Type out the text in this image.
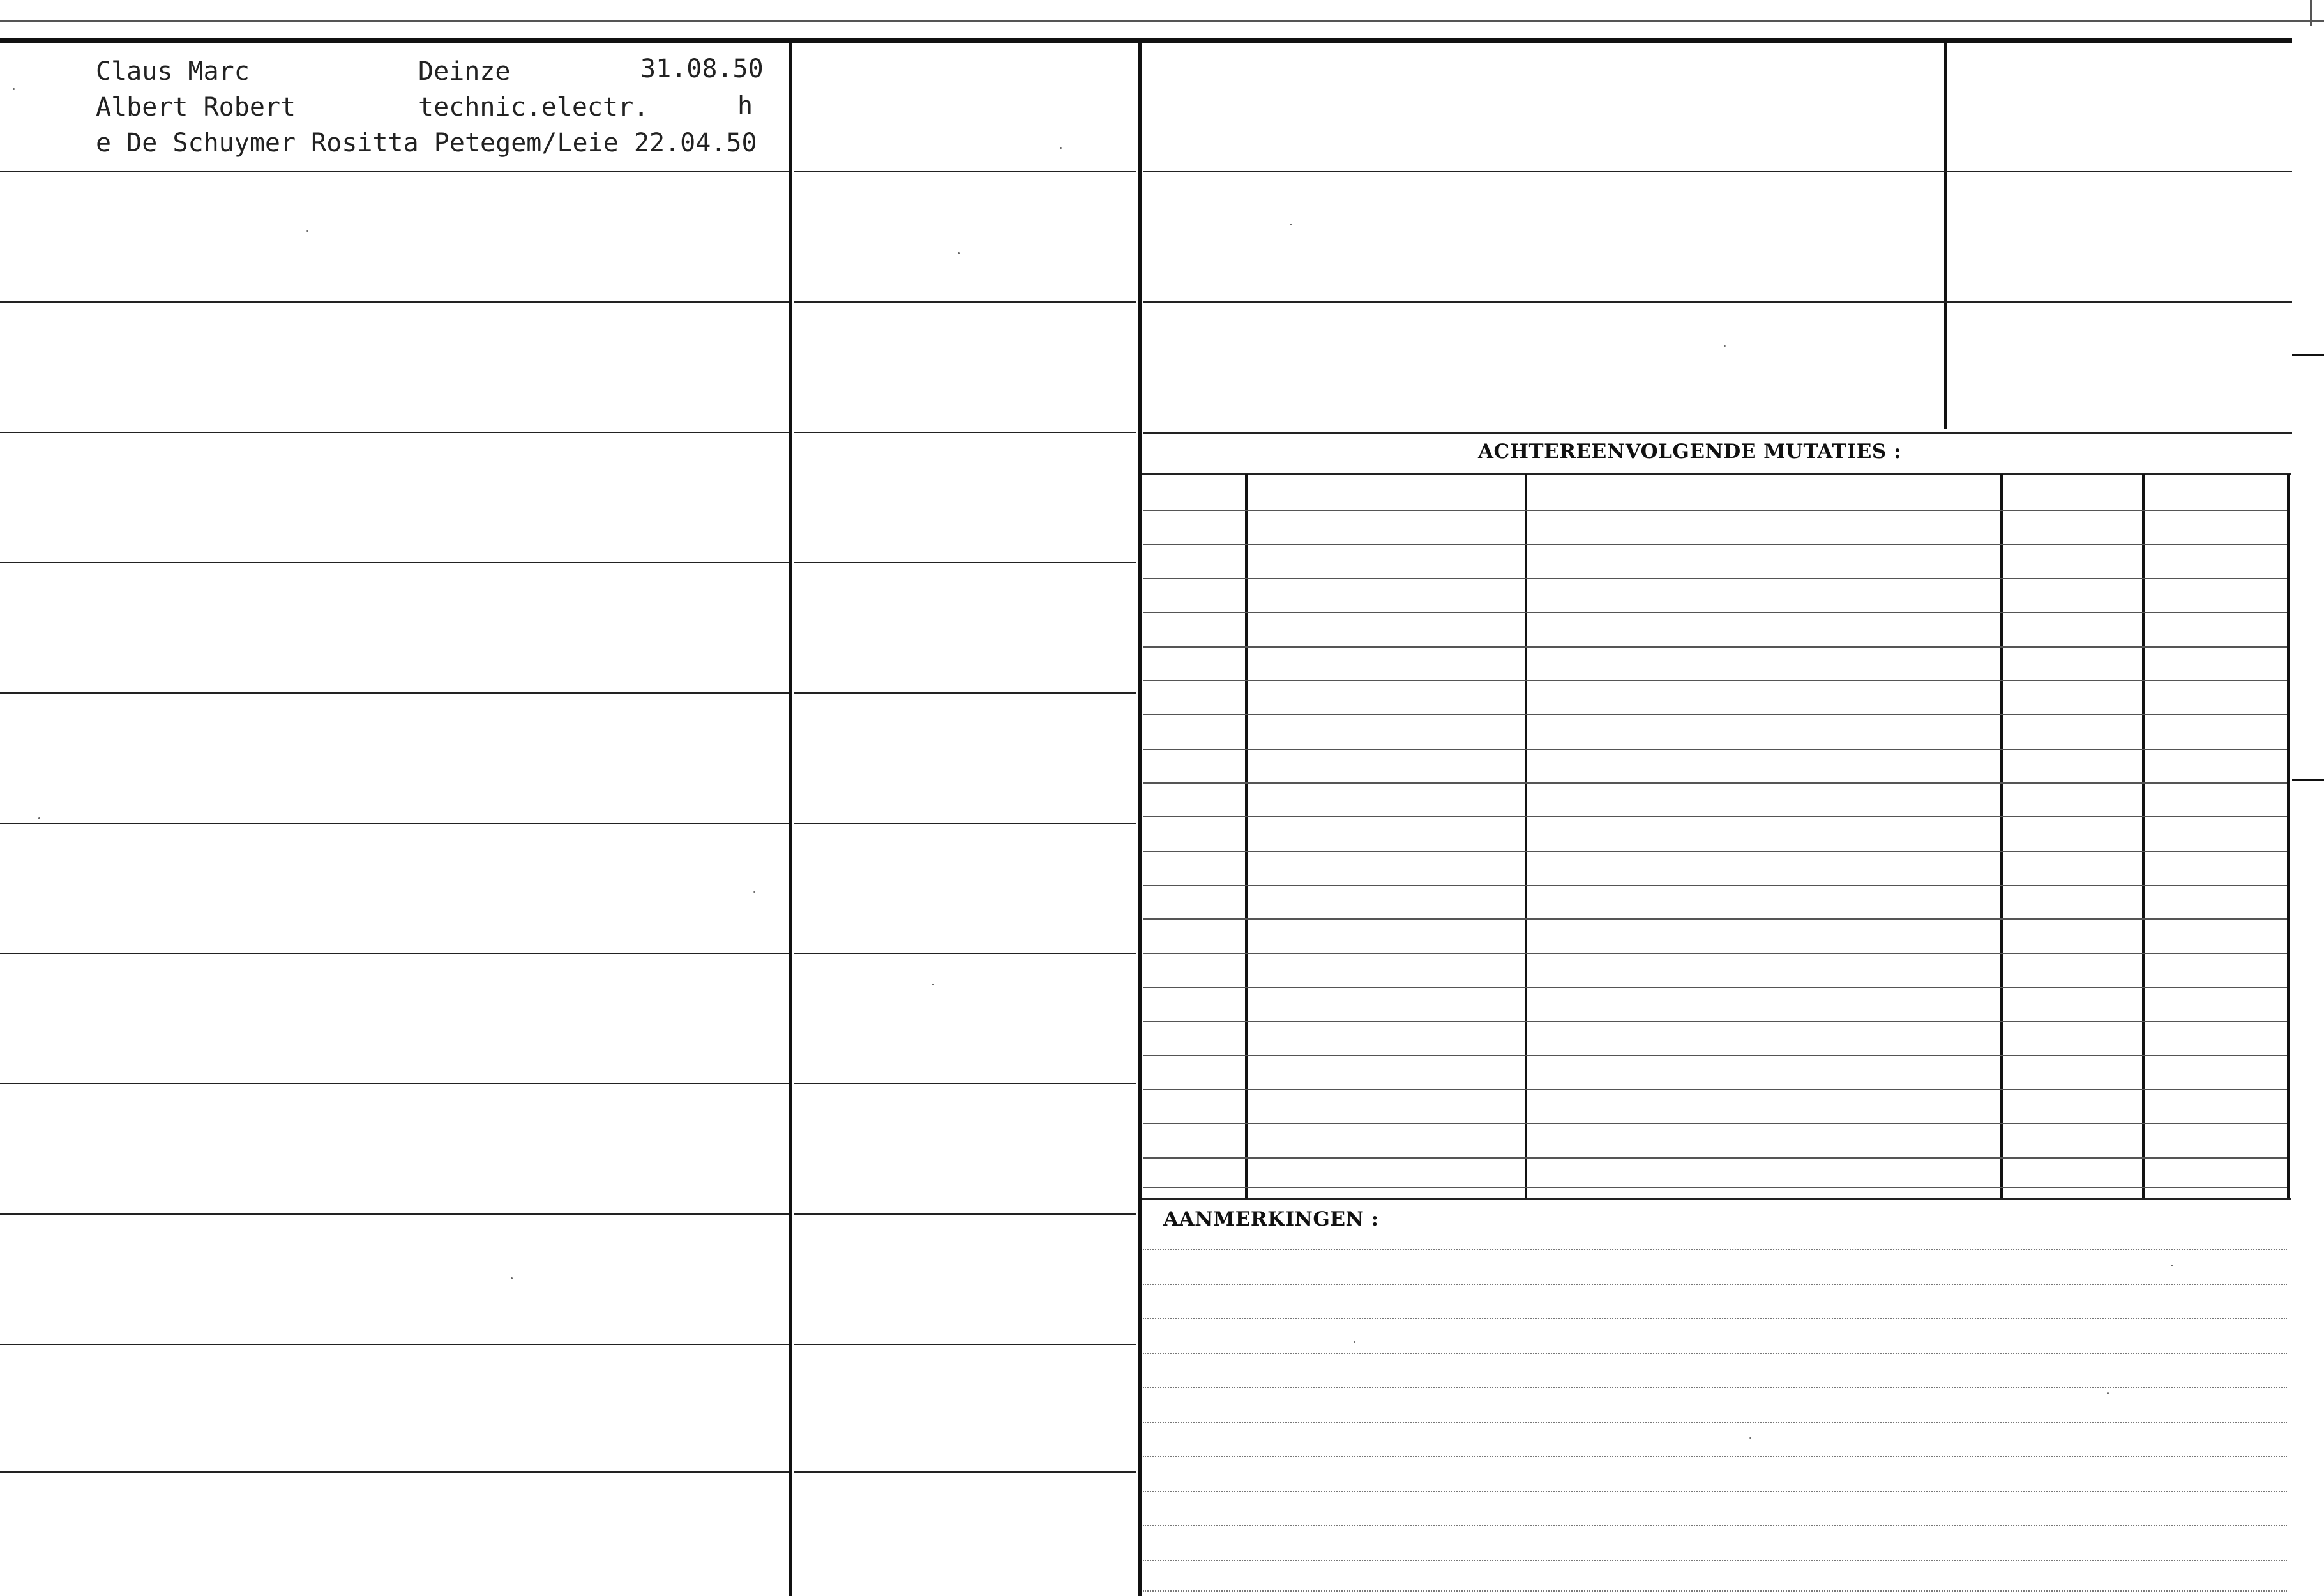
Claus Marc	Deinze	31.08.50
Albert Robert	technic.electr.	h
e De Schuymer Rositta Petegem/Leie 22.04.50
ACHTEREENVOLGENDE MUTATIES :
AANMERKINGEN :
